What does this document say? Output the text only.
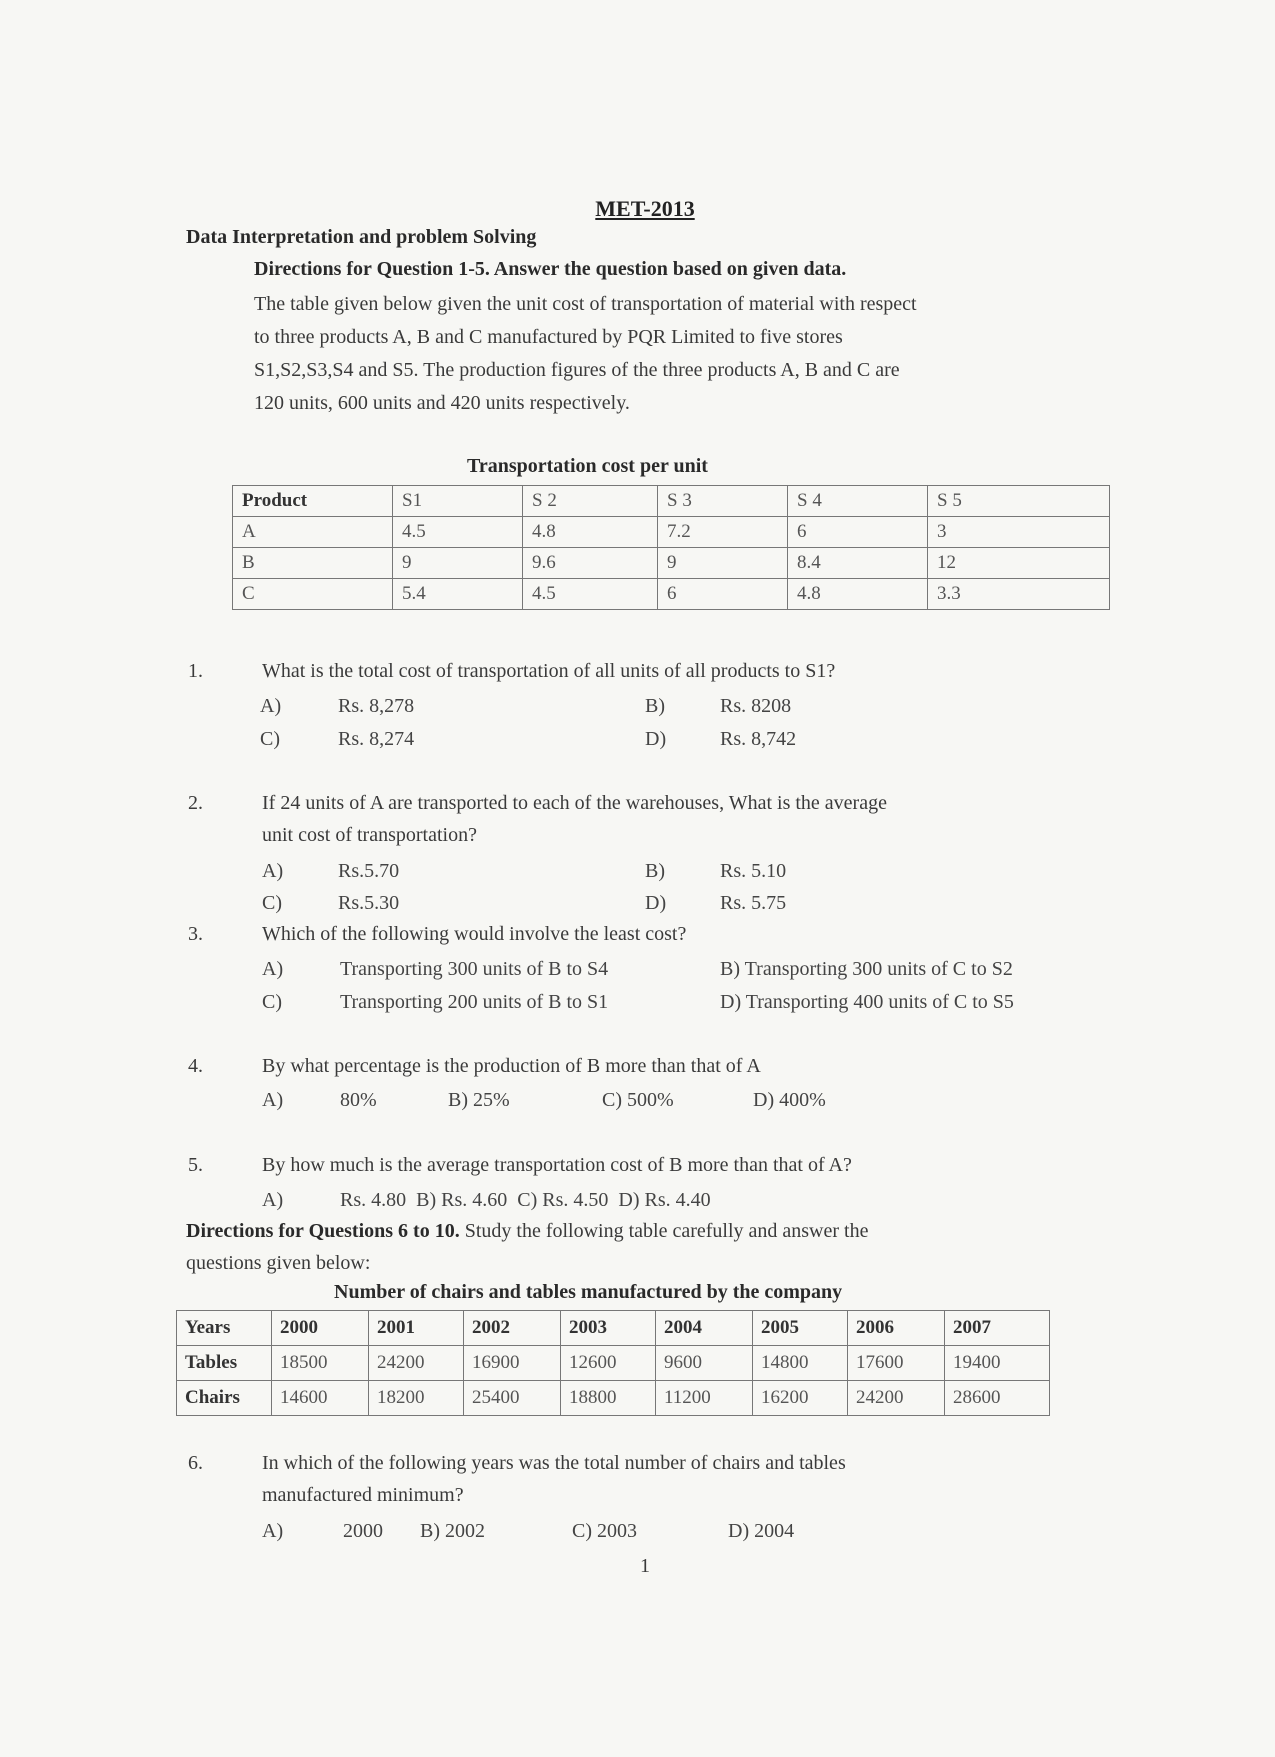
MET-2013
Data Interpretation and problem Solving
Directions for Question 1-5. Answer the question based on given data.
The table given below given the unit cost of transportation of material with respect
to three products A, B and C manufactured by PQR Limited to five stores
S1,S2,S3,S4 and S5. The production figures of the three products A, B and C are
120 units, 600 units and 420 units respectively.
Transportation cost per unit
Product	S1	S 2	S 3	S 4	S 5
A	4.5	4.8	7.2	6	3
B	9	9.6	9	8.4	12
C	5.4	4.5	6	4.8	3.3
1.	What is the total cost of transportation of all units of all products to S1?
A)	Rs. 8,278	B)	Rs. 8208
C)	Rs. 8,274	D)	Rs. 8,742
2.	If 24 units of A are transported to each of the warehouses, What is the average
unit cost of transportation?
A)	Rs.5.70	B)	Rs. 5.10
C)	Rs.5.30	D)	Rs. 5.75
3.	Which of the following would involve the least cost?
A)	Transporting 300 units of B to S4	B) Transporting 300 units of C to S2
C)	Transporting 200 units of B to S1	D) Transporting 400 units of C to S5
4.	By what percentage is the production of B more than that of A
A)	80%	B) 25%	C) 500%	D) 400%
5.	By how much is the average transportation cost of B more than that of A?
A)	Rs. 4.80  B) Rs. 4.60  C) Rs. 4.50  D) Rs. 4.40
Directions for Questions 6 to 10. Study the following table carefully and answer the
questions given below:
Number of chairs and tables manufactured by the company
Years	2000	2001	2002	2003	2004	2005	2006	2007
Tables	18500	24200	16900	12600	9600	14800	17600	19400
Chairs	14600	18200	25400	18800	11200	16200	24200	28600
6.	In which of the following years was the total number of chairs and tables
manufactured minimum?
A)	2000 B) 2002	C) 2003	D) 2004
1
